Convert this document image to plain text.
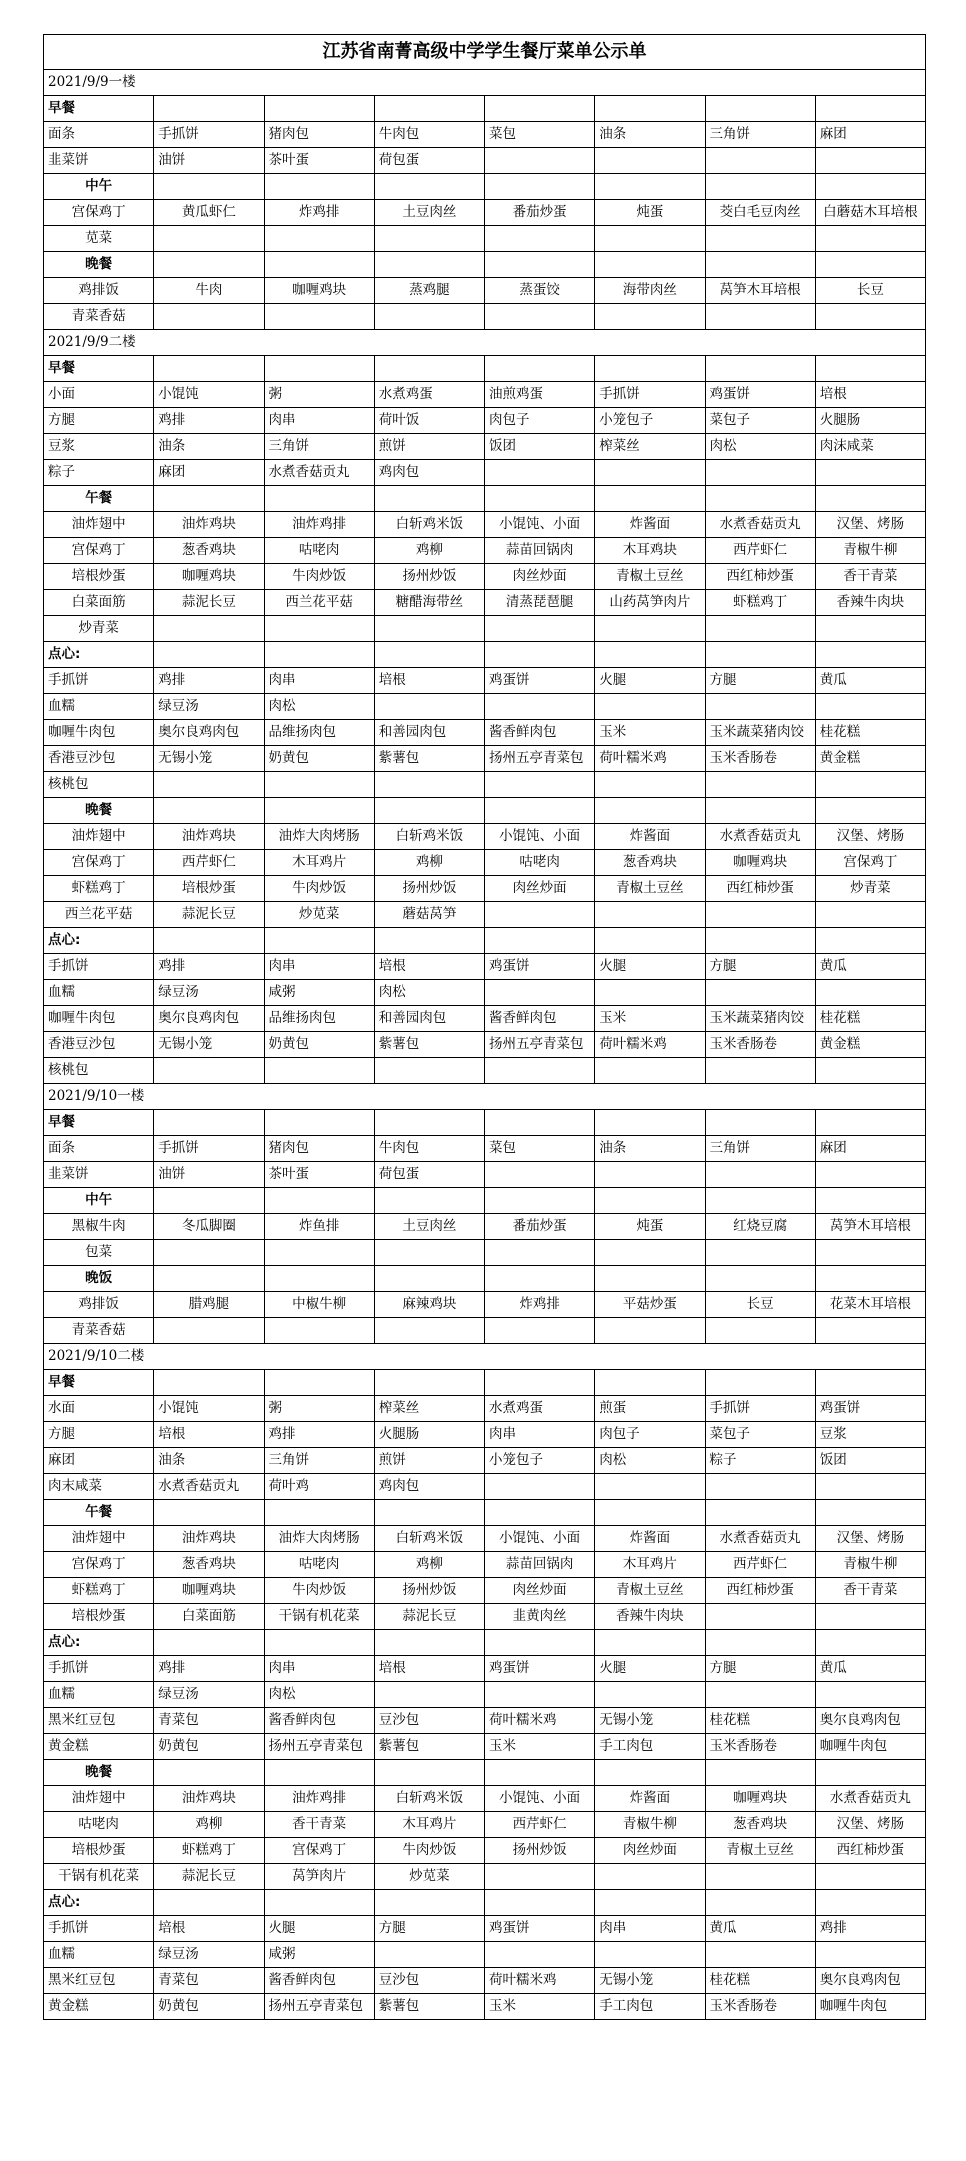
江苏省南菁高级中学学生餐厅菜单公示单							
2021/9/9一楼							
早餐							
面条	手抓饼	猪肉包	牛肉包	菜包	油条	三角饼	麻团
韭菜饼	油饼	茶叶蛋	荷包蛋				
中午							
宫保鸡丁	黄瓜虾仁	炸鸡排	土豆肉丝	番茄炒蛋	炖蛋	茭白毛豆肉丝	白蘑菇木耳培根
苋菜							
晚餐							
鸡排饭	牛肉	咖喱鸡块	蒸鸡腿	蒸蛋饺	海带肉丝	莴笋木耳培根	长豆
青菜香菇							
2021/9/9二楼							
早餐							
小面	小馄饨	粥	水煮鸡蛋	油煎鸡蛋	手抓饼	鸡蛋饼	培根
方腿	鸡排	肉串	荷叶饭	肉包子	小笼包子	菜包子	火腿肠
豆浆	油条	三角饼	煎饼	饭团	榨菜丝	肉松	肉沫咸菜
粽子	麻团	水煮香菇贡丸	鸡肉包				
午餐							
油炸翅中	油炸鸡块	油炸鸡排	白斩鸡米饭	小馄饨、小面	炸酱面	水煮香菇贡丸	汉堡、烤肠
宫保鸡丁	葱香鸡块	咕咾肉	鸡柳	蒜苗回锅肉	木耳鸡块	西芹虾仁	青椒牛柳
培根炒蛋	咖喱鸡块	牛肉炒饭	扬州炒饭	肉丝炒面	青椒土豆丝	西红柿炒蛋	香干青菜
白菜面筋	蒜泥长豆	西兰花平菇	糖醋海带丝	清蒸琵琶腿	山药莴笋肉片	虾糕鸡丁	香辣牛肉块
炒青菜							
点心:							
手抓饼	鸡排	肉串	培根	鸡蛋饼	火腿	方腿	黄瓜
血糯	绿豆汤	肉松					
咖喱牛肉包	奥尔良鸡肉包	品维扬肉包	和善园肉包	酱香鲜肉包	玉米	玉米蔬菜猪肉饺	桂花糕
香港豆沙包	无锡小笼	奶黄包	紫薯包	扬州五亭青菜包	荷叶糯米鸡	玉米香肠卷	黄金糕
核桃包							
晚餐							
油炸翅中	油炸鸡块	油炸大肉烤肠	白斩鸡米饭	小馄饨、小面	炸酱面	水煮香菇贡丸	汉堡、烤肠
宫保鸡丁	西芹虾仁	木耳鸡片	鸡柳	咕咾肉	葱香鸡块	咖喱鸡块	宫保鸡丁
虾糕鸡丁	培根炒蛋	牛肉炒饭	扬州炒饭	肉丝炒面	青椒土豆丝	西红柿炒蛋	炒青菜
西兰花平菇	蒜泥长豆	炒苋菜	蘑菇莴笋				
点心:							
手抓饼	鸡排	肉串	培根	鸡蛋饼	火腿	方腿	黄瓜
血糯	绿豆汤	咸粥	肉松				
咖喱牛肉包	奥尔良鸡肉包	品维扬肉包	和善园肉包	酱香鲜肉包	玉米	玉米蔬菜猪肉饺	桂花糕
香港豆沙包	无锡小笼	奶黄包	紫薯包	扬州五亭青菜包	荷叶糯米鸡	玉米香肠卷	黄金糕
核桃包							
2021/9/10一楼							
早餐							
面条	手抓饼	猪肉包	牛肉包	菜包	油条	三角饼	麻团
韭菜饼	油饼	茶叶蛋	荷包蛋				
中午							
黑椒牛肉	冬瓜脚圈	炸鱼排	土豆肉丝	番茄炒蛋	炖蛋	红烧豆腐	莴笋木耳培根
包菜							
晚饭							
鸡排饭	腊鸡腿	中椒牛柳	麻辣鸡块	炸鸡排	平菇炒蛋	长豆	花菜木耳培根
青菜香菇							
2021/9/10二楼							
早餐							
水面	小馄饨	粥	榨菜丝	水煮鸡蛋	煎蛋	手抓饼	鸡蛋饼
方腿	培根	鸡排	火腿肠	肉串	肉包子	菜包子	豆浆
麻团	油条	三角饼	煎饼	小笼包子	肉松	粽子	饭团
肉末咸菜	水煮香菇贡丸	荷叶鸡	鸡肉包				
午餐							
油炸翅中	油炸鸡块	油炸大肉烤肠	白斩鸡米饭	小馄饨、小面	炸酱面	水煮香菇贡丸	汉堡、烤肠
宫保鸡丁	葱香鸡块	咕咾肉	鸡柳	蒜苗回锅肉	木耳鸡片	西芹虾仁	青椒牛柳
虾糕鸡丁	咖喱鸡块	牛肉炒饭	扬州炒饭	肉丝炒面	青椒土豆丝	西红柿炒蛋	香干青菜
培根炒蛋	白菜面筋	干锅有机花菜	蒜泥长豆	韭黄肉丝	香辣牛肉块		
点心:							
手抓饼	鸡排	肉串	培根	鸡蛋饼	火腿	方腿	黄瓜
血糯	绿豆汤	肉松					
黑米红豆包	青菜包	酱香鲜肉包	豆沙包	荷叶糯米鸡	无锡小笼	桂花糕	奥尔良鸡肉包
黄金糕	奶黄包	扬州五亭青菜包	紫薯包	玉米	手工肉包	玉米香肠卷	咖喱牛肉包
晚餐							
油炸翅中	油炸鸡块	油炸鸡排	白斩鸡米饭	小馄饨、小面	炸酱面	咖喱鸡块	水煮香菇贡丸
咕咾肉	鸡柳	香干青菜	木耳鸡片	西芹虾仁	青椒牛柳	葱香鸡块	汉堡、烤肠
培根炒蛋	虾糕鸡丁	宫保鸡丁	牛肉炒饭	扬州炒饭	肉丝炒面	青椒土豆丝	西红柿炒蛋
干锅有机花菜	蒜泥长豆	莴笋肉片	炒苋菜				
点心:							
手抓饼	培根	火腿	方腿	鸡蛋饼	肉串	黄瓜	鸡排
血糯	绿豆汤	咸粥					
黑米红豆包	青菜包	酱香鲜肉包	豆沙包	荷叶糯米鸡	无锡小笼	桂花糕	奥尔良鸡肉包
黄金糕	奶黄包	扬州五亭青菜包	紫薯包	玉米	手工肉包	玉米香肠卷	咖喱牛肉包
